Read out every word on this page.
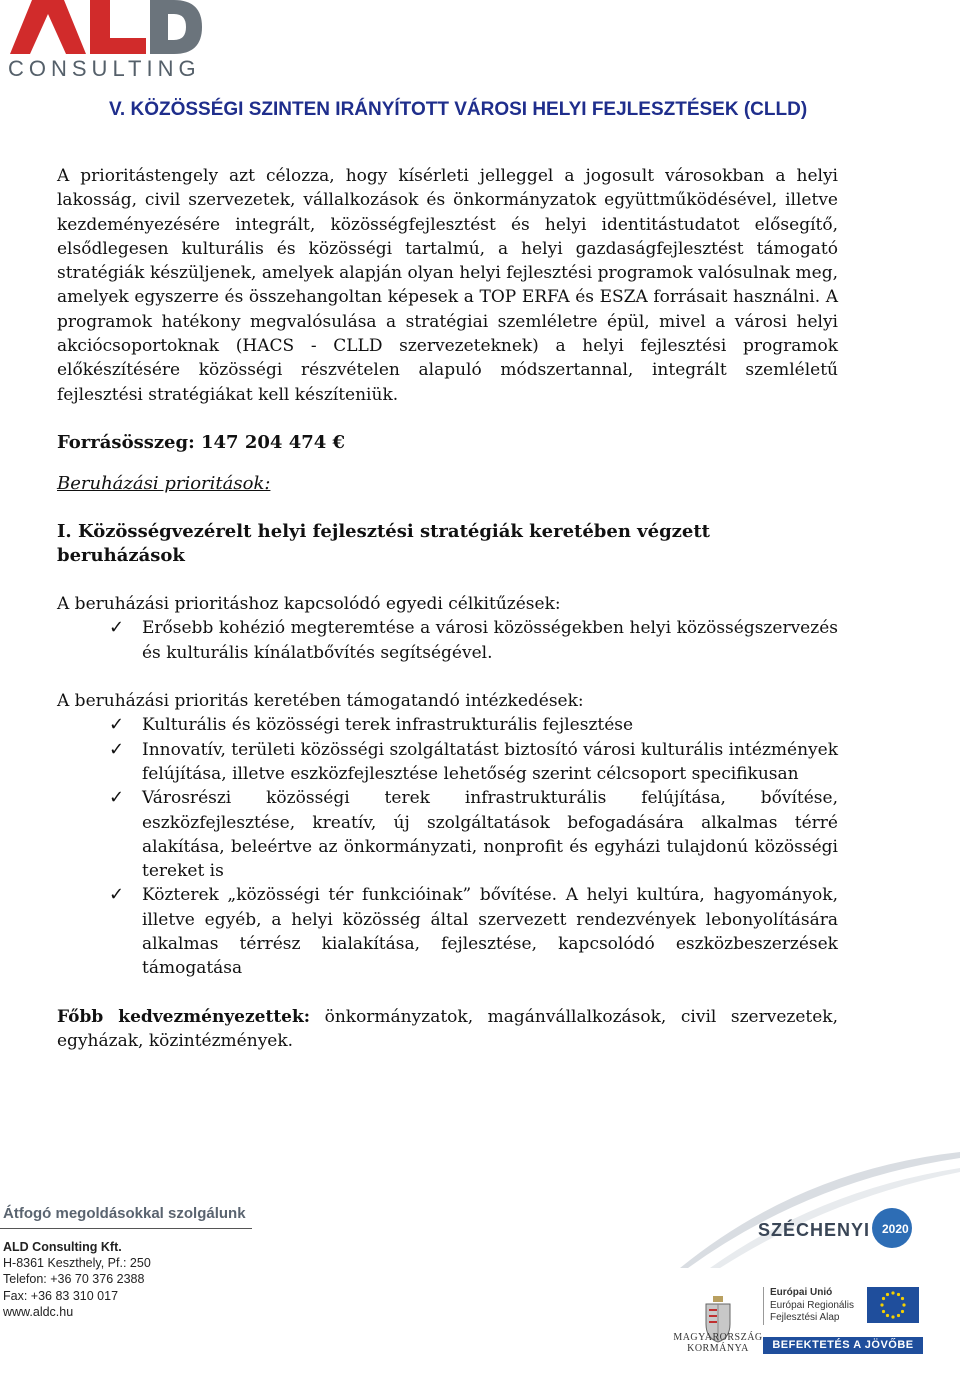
CONSULTING
V. KÖZÖSSÉGI SZINTEN IRÁNYÍTOTT VÁROSI HELYI FEJLESZTÉSEK (CLLD)

A prioritástengely azt célozza, hogy kísérleti jelleggel a jogosult városokban a helyi lakosság, civil szervezetek, vállalkozások és önkormányzatok együttműködésével, illetve kezdeményezésére integrált, közösségfejlesztést és helyi identitástudatot elősegítő, elsődlegesen kulturális és közösségi tartalmú, a helyi gazdaságfejlesztést támogató stratégiák készüljenek, amelyek alapján olyan helyi fejlesztési programok valósulnak meg, amelyek egyszerre és összehangoltan képesek a TOP ERFA és ESZA forrásait használni. A programok hatékony megvalósulása a stratégiai szemléletre épül, mivel a városi helyi akciócsoportoknak (HACS - CLLD szervezeteknek) a helyi fejlesztési programok előkészítésére közösségi részvételen alapuló módszertannal, integrált szemléletű fejlesztési stratégiákat kell készíteniük.

Forrásösszeg: 147 204 474 €

Beruházási prioritások:

I. Közösségvezérelt helyi fejlesztési stratégiák keretében végzett beruházások

A beruházási prioritáshoz kapcsolódó egyedi célkitűzések:

✓ Erősebb kohézió megteremtése a városi közösségekben helyi közösségszervezés és kulturális kínálatbővítés segítségével.

A beruházási prioritás keretében támogatandó intézkedések:

✓ Kulturális és közösségi terek infrastrukturális fejlesztése
✓ Innovatív, területi közösségi szolgáltatást biztosító városi kulturális intézmények felújítása, illetve eszközfejlesztése lehetőség szerint célcsoport specifikusan
✓ Városrészi közösségi terek infrastrukturális felújítása, bővítése, eszközfejlesztése, kreatív, új szolgáltatások befogadására alkalmas térré alakítása, beleértve az önkormányzati, nonprofit és egyházi tulajdonú közösségi tereket is
✓ Közterek „közösségi tér funkcióinak” bővítése. A helyi kultúra, hagyományok, illetve egyéb, a helyi közösség által szervezett rendezvények lebonyolítására alkalmas térrész kialakítása, fejlesztése, kapcsolódó eszközbeszerzések támogatása

Főbb kedvezményezettek: önkormányzatok, magánvállalkozások, civil szervezetek, egyházak, közintézmények.

Átfogó megoldásokkal szolgálunk
ALD Consulting Kft.
H-8361 Keszthely, Pf.: 250
Telefon: +36 70 376 2388
Fax: +36 83 310 017
www.aldc.hu
SZÉCHENYI 2020
MAGYARORSZÁG
KORMÁNYA
Európai Unió
Európai Regionális
Fejlesztési Alap
BEFEKTETÉS A JÖVŐBE
